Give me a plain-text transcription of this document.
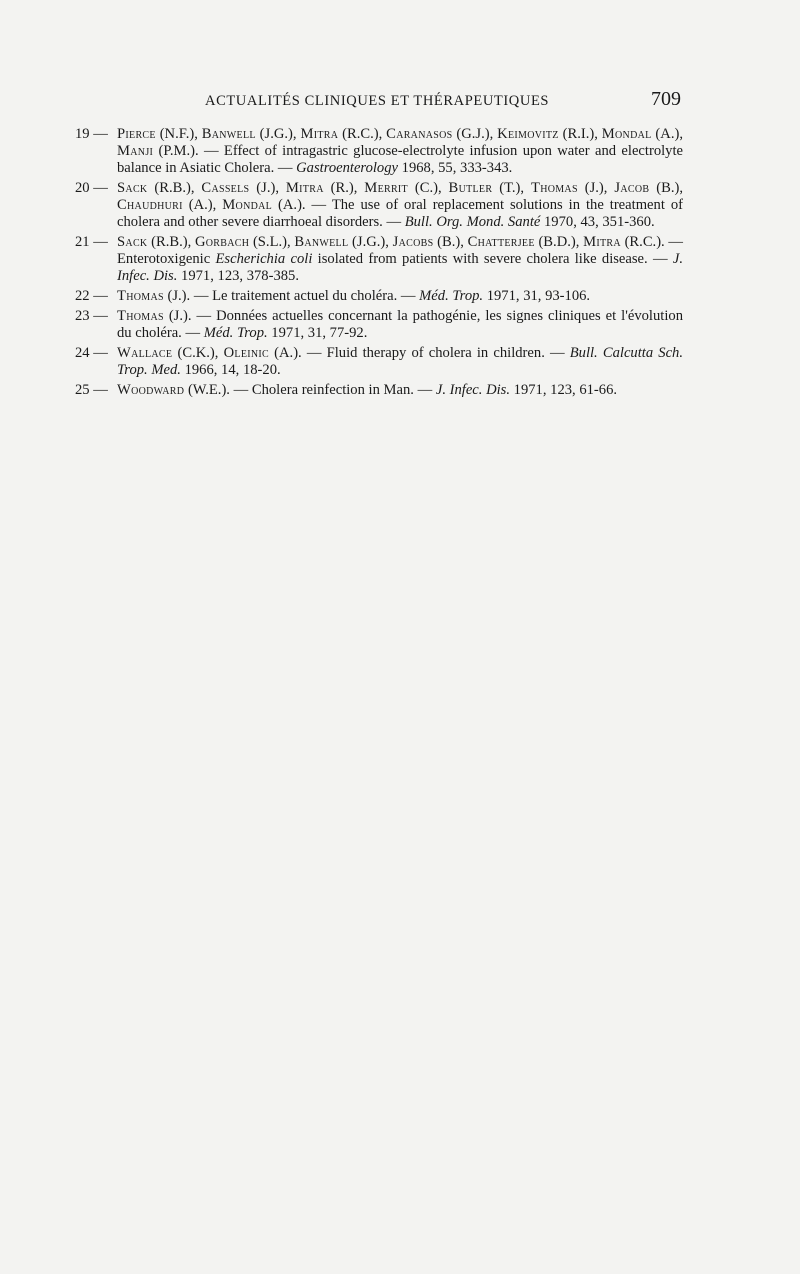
ACTUALITÉS CLINIQUES ET THÉRAPEUTIQUES	709
19 — Pierce (N.F.), Banwell (J.G.), Mitra (R.C.), Caranasos (G.J.), Keimovitz (R.I.), Mondal (A.), Manji (P.M.). — Effect of intragastric glucose-electrolyte infusion upon water and electrolyte balance in Asiatic Cholera. — Gastroenterology 1968, 55, 333-343.
20 — Sack (R.B.), Cassels (J.), Mitra (R.), Merrit (C.), Butler (T.), Thomas (J.), Jacob (B.), Chaudhuri (A.), Mondal (A.). — The use of oral replacement solutions in the treatment of cholera and other severe diarrhoeal disorders. — Bull. Org. Mond. Santé 1970, 43, 351-360.
21 — Sack (R.B.), Gorbach (S.L.), Banwell (J.G.), Jacobs (B.), Chatterjee (B.D.), Mitra (R.C.). — Enterotoxigenic Escherichia coli isolated from patients with severe cholera like disease. — J. Infec. Dis. 1971, 123, 378-385.
22 — Thomas (J.). — Le traitement actuel du choléra. — Méd. Trop. 1971, 31, 93-106.
23 — Thomas (J.). — Données actuelles concernant la pathogénie, les signes cliniques et l'évolution du choléra. — Méd. Trop. 1971, 31, 77-92.
24 — Wallace (C.K.), Oleinic (A.). — Fluid therapy of cholera in children. — Bull. Calcutta Sch. Trop. Med. 1966, 14, 18-20.
25 — Woodward (W.E.). — Cholera reinfection in Man. — J. Infec. Dis. 1971, 123, 61-66.
